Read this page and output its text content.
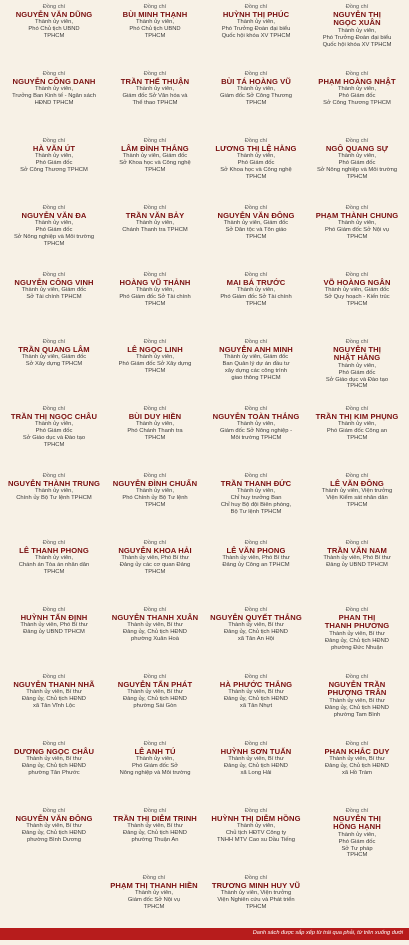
Đồng chí
NGUYỄN VĂN DŨNG
Thành ủy viên,
Phó Chủ tịch UBND
TPHCM
Đồng chí
BÙI MINH THẠNH
Thành ủy viên,
Phó Chủ tịch UBND
TPHCM
Đồng chí
HUỲNH THỊ PHÚC
Thành ủy viên,
Phó Trưởng Đoàn đại biểu
Quốc hội khóa XV TPHCM
Đồng chí
NGUYỄN THỊ
NGỌC XUÂN
Thành ủy viên,
Phó Trưởng Đoàn đại biểu
Quốc hội khóa XV TPHCM
Đồng chí
NGUYỄN CÔNG DANH
Thành ủy viên,
Trưởng Ban Kinh tế - Ngân sách
HĐND TPHCM
Đồng chí
TRẦN THẾ THUẬN
Thành ủy viên,
Giám đốc Sở Văn hóa và
Thể thao TPHCM
Đồng chí
BÙI TÁ HOÀNG VŨ
Thành ủy viên,
Giám đốc Sở Công Thương
TPHCM
Đồng chí
PHẠM HOÀNG NHẬT
Thành ủy viên,
Phó Giám đốc
Sở Công Thương TPHCM
Đồng chí
HÀ VĂN ÚT
Thành ủy viên,
Phó Giám đốc
Sở Công Thương TPHCM
Đồng chí
LÂM ĐÌNH THẮNG
Thành ủy viên, Giám đốc
Sở Khoa học và Công nghệ
TPHCM
Đồng chí
LƯƠNG THỊ LỆ HẰNG
Thành ủy viên,
Phó Giám đốc
Sở Khoa học và Công nghệ
TPHCM
Đồng chí
NGÔ QUANG SỰ
Thành ủy viên,
Phó Giám đốc
Sở Nông nghiệp và Môi trường
TPHCM
Đồng chí
NGUYỄN VĂN ĐA
Thành ủy viên,
Phó Giám đốc
Sở Nông nghiệp và Môi trường
TPHCM
Đồng chí
TRẦN VĂN BẢY
Thành ủy viên,
Chánh Thanh tra TPHCM
Đồng chí
NGUYỄN VĂN ĐÔNG
Thành ủy viên, Giám đốc
Sở Dân tộc và Tôn giáo
TPHCM
Đồng chí
PHẠM THÀNH CHUNG
Thành ủy viên,
Phó Giám đốc Sở Nội vụ
TPHCM
Đồng chí
NGUYỄN CÔNG VINH
Thành ủy viên, Giám đốc
Sở Tài chính TPHCM
Đồng chí
HOÀNG VŨ THẢNH
Thành ủy viên,
Phó Giám đốc Sở Tài chính
TPHCM
Đồng chí
MAI BÁ TRƯỚC
Thành ủy viên,
Phó Giám đốc Sở Tài chính
TPHCM
Đồng chí
VÕ HOÀNG NGÂN
Thành ủy viên, Giám đốc
Sở Quy hoạch - Kiến trúc
TPHCM
Đồng chí
TRẦN QUANG LÂM
Thành ủy viên, Giám đốc
Sở Xây dựng TPHCM
Đồng chí
LÊ NGỌC LINH
Thành ủy viên,
Phó Giám đốc Sở Xây dựng
TPHCM
Đồng chí
NGUYỄN ANH MINH
Thành ủy viên, Giám đốc
Ban Quản lý dự án đầu tư
xây dựng các công trình
giao thông TPHCM
Đồng chí
NGUYỄN THỊ
NHẬT HẰNG
Thành ủy viên,
Phó Giám đốc
Sở Giáo dục và Đào tạo
TPHCM
Đồng chí
TRẦN THỊ NGỌC CHÂU
Thành ủy viên,
Phó Giám đốc
Sở Giáo dục và Đào tạo
TPHCM
Đồng chí
BÙI DUY HIỀN
Thành ủy viên,
Phó Chánh Thanh tra
TPHCM
Đồng chí
NGUYỄN TOÀN THẮNG
Thành ủy viên,
Giám đốc Sở Nông nghiệp -
Môi trường TPHCM
Đồng chí
TRẦN THỊ KIM PHỤNG
Thành ủy viên,
Phó Giám đốc Công an
TPHCM
Đồng chí
NGUYỄN THÀNH TRUNG
Thành ủy viên,
Chính ủy Bộ Tư lệnh TPHCM
Đồng chí
NGUYỄN ĐÌNH CHUẨN
Thành ủy viên,
Phó Chính ủy Bộ Tư lệnh
TPHCM
Đồng chí
TRẦN THANH ĐỨC
Thành ủy viên,
Chỉ huy trưởng Ban
Chỉ huy Bộ đội Biên phòng,
Bộ Tư lệnh TPHCM
Đồng chí
LÊ VĂN ĐÔNG
Thành ủy viên, Viện trưởng
Viện Kiểm sát nhân dân
TPHCM
Đồng chí
LÊ THANH PHONG
Thành ủy viên,
Chánh án Tòa án nhân dân
TPHCM
Đồng chí
NGUYỄN KHOA HẢI
Thành ủy viên, Phó Bí thư
Đảng ủy các cơ quan Đảng
TPHCM
Đồng chí
LÊ VĂN PHONG
Thành ủy viên, Phó Bí thư
Đảng ủy Công an TPHCM
Đồng chí
TRẦN VĂN NAM
Thành ủy viên, Phó Bí thư
Đảng ủy UBND TPHCM
Đồng chí
HUỲNH TẤN ĐỊNH
Thành ủy viên, Phó Bí thư
Đảng ủy UBND TPHCM
Đồng chí
NGUYỄN THANH XUÂN
Thành ủy viên, Bí thư
Đảng ủy, Chủ tịch HĐND
phường Xuân Hoà
Đồng chí
NGUYỄN QUYẾT THẮNG
Thành ủy viên, Bí thư
Đảng ủy, Chủ tịch HĐND
xã Tân An Hội
Đồng chí
PHAN THỊ
THANH PHƯƠNG
Thành ủy viên, Bí thư
Đảng ủy, Chủ tịch HĐND
phường Đức Nhuận
Đồng chí
NGUYỄN THANH NHÃ
Thành ủy viên, Bí thư
Đảng ủy, Chủ tịch HĐND
xã Tân Vĩnh Lộc
Đồng chí
NGUYỄN TẤN PHÁT
Thành ủy viên, Bí thư
Đảng ủy, Chủ tịch HĐND
phường Sài Gòn
Đồng chí
HÀ PHƯỚC THẮNG
Thành ủy viên, Bí thư
Đảng ủy, Chủ tịch HĐND
xã Tân Nhựt
Đồng chí
NGUYỄN TRẦN
PHƯỢNG TRÂN
Thành ủy viên, Bí thư
Đảng ủy, Chủ tịch HĐND
phường Tam Bình
Đồng chí
DƯƠNG NGỌC CHÂU
Thành ủy viên, Bí thư
Đảng ủy, Chủ tịch HĐND
phường Tân Phước
Đồng chí
LÊ ANH TÚ
Thành ủy viên,
Phó Giám đốc Sở
Nông nghiệp và Môi trường
Đồng chí
HUỲNH SƠN TUẤN
Thành ủy viên, Bí thư
Đảng ủy, Chủ tịch HĐND
xã Long Hải
Đồng chí
PHAN KHẮC DUY
Thành ủy viên, Bí thư
Đảng ủy, Chủ tịch HĐND
xã Hồ Tràm
Đồng chí
NGUYỄN VĂN ĐÔNG
Thành ủy viên, Bí thư
Đảng ủy, Chủ tịch HĐND
phường Bình Dương
Đồng chí
TRẦN THỊ DIỄM TRINH
Thành ủy viên, Bí thư
Đảng ủy, Chủ tịch HĐND
phường Thuận An
Đồng chí
HUỲNH THỊ DIỄM HỒNG
Thành ủy viên,
Chủ tịch HĐTV Công ty
TNHH MTV Cao su Dầu Tiếng
Đồng chí
NGUYỄN THỊ
HỒNG HẠNH
Thành ủy viên,
Phó Giám đốc
Sở Tư pháp
TPHCM
Đồng chí
PHẠM THỊ THANH HIỀN
Thành ủy viên,
Giám đốc Sở Nội vụ
TPHCM
Đồng chí
TRƯƠNG MINH HUY VŨ
Thành ủy viên, Viện trưởng
Viện Nghiên cứu và Phát triển
TPHCM
Danh sách được sắp xếp từ trái qua phải, từ trên xuống dưới
